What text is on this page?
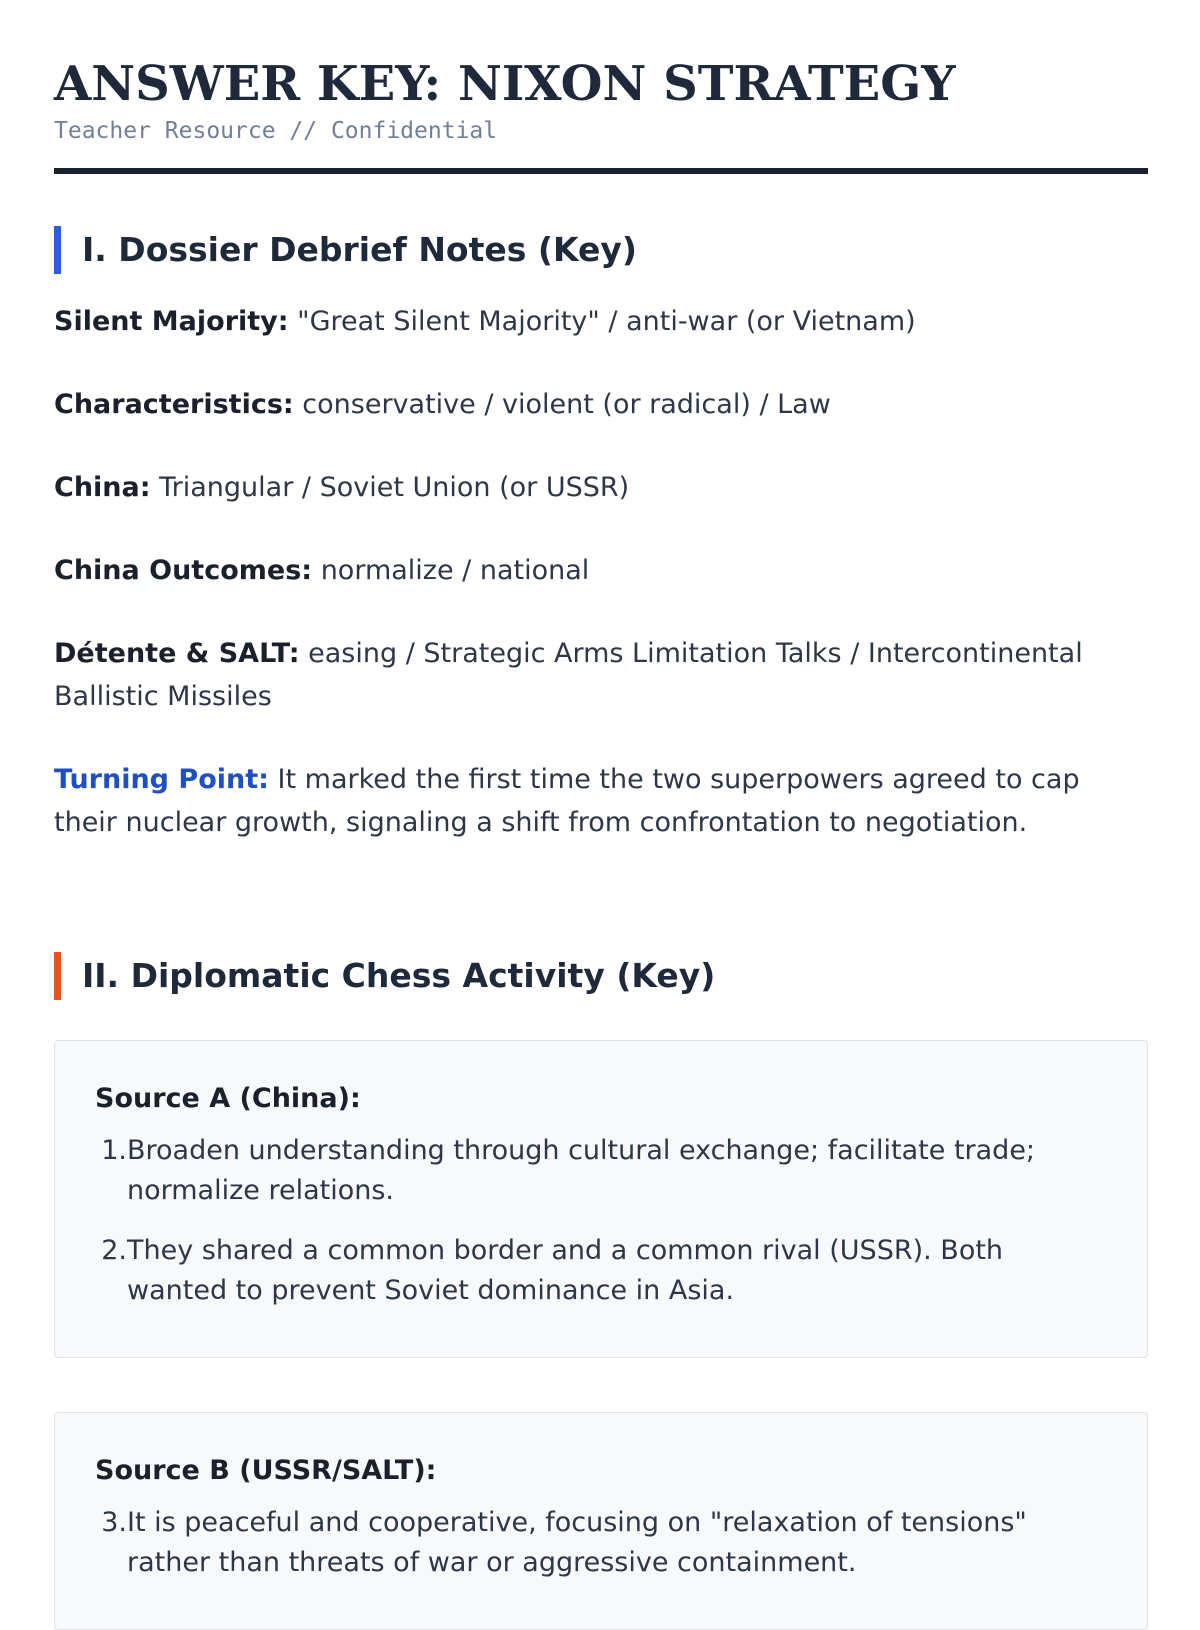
ANSWER KEY: NIXON STRATEGY
Teacher Resource // Confidential
I. Dossier Debrief Notes (Key)

Silent Majority: "Great Silent Majority" / anti-war (or Vietnam)

Characteristics: conservative / violent (or radical) / Law

China: Triangular / Soviet Union (or USSR)

China Outcomes: normalize / national

Détente & SALT: easing / Strategic Arms Limitation Talks / Intercontinental Ballistic Missiles

Turning Point: It marked the first time the two superpowers agreed to cap their nuclear growth, signaling a shift from confrontation to negotiation.

II. Diplomatic Chess Activity (Key)
Source A (China):
1. Broaden understanding through cultural exchange; facilitate trade; normalize relations.
2. They shared a common border and a common rival (USSR). Both wanted to prevent Soviet dominance in Asia.
Source B (USSR/SALT):
3. It is peaceful and cooperative, focusing on "relaxation of tensions" rather than threats of war or aggressive containment.
